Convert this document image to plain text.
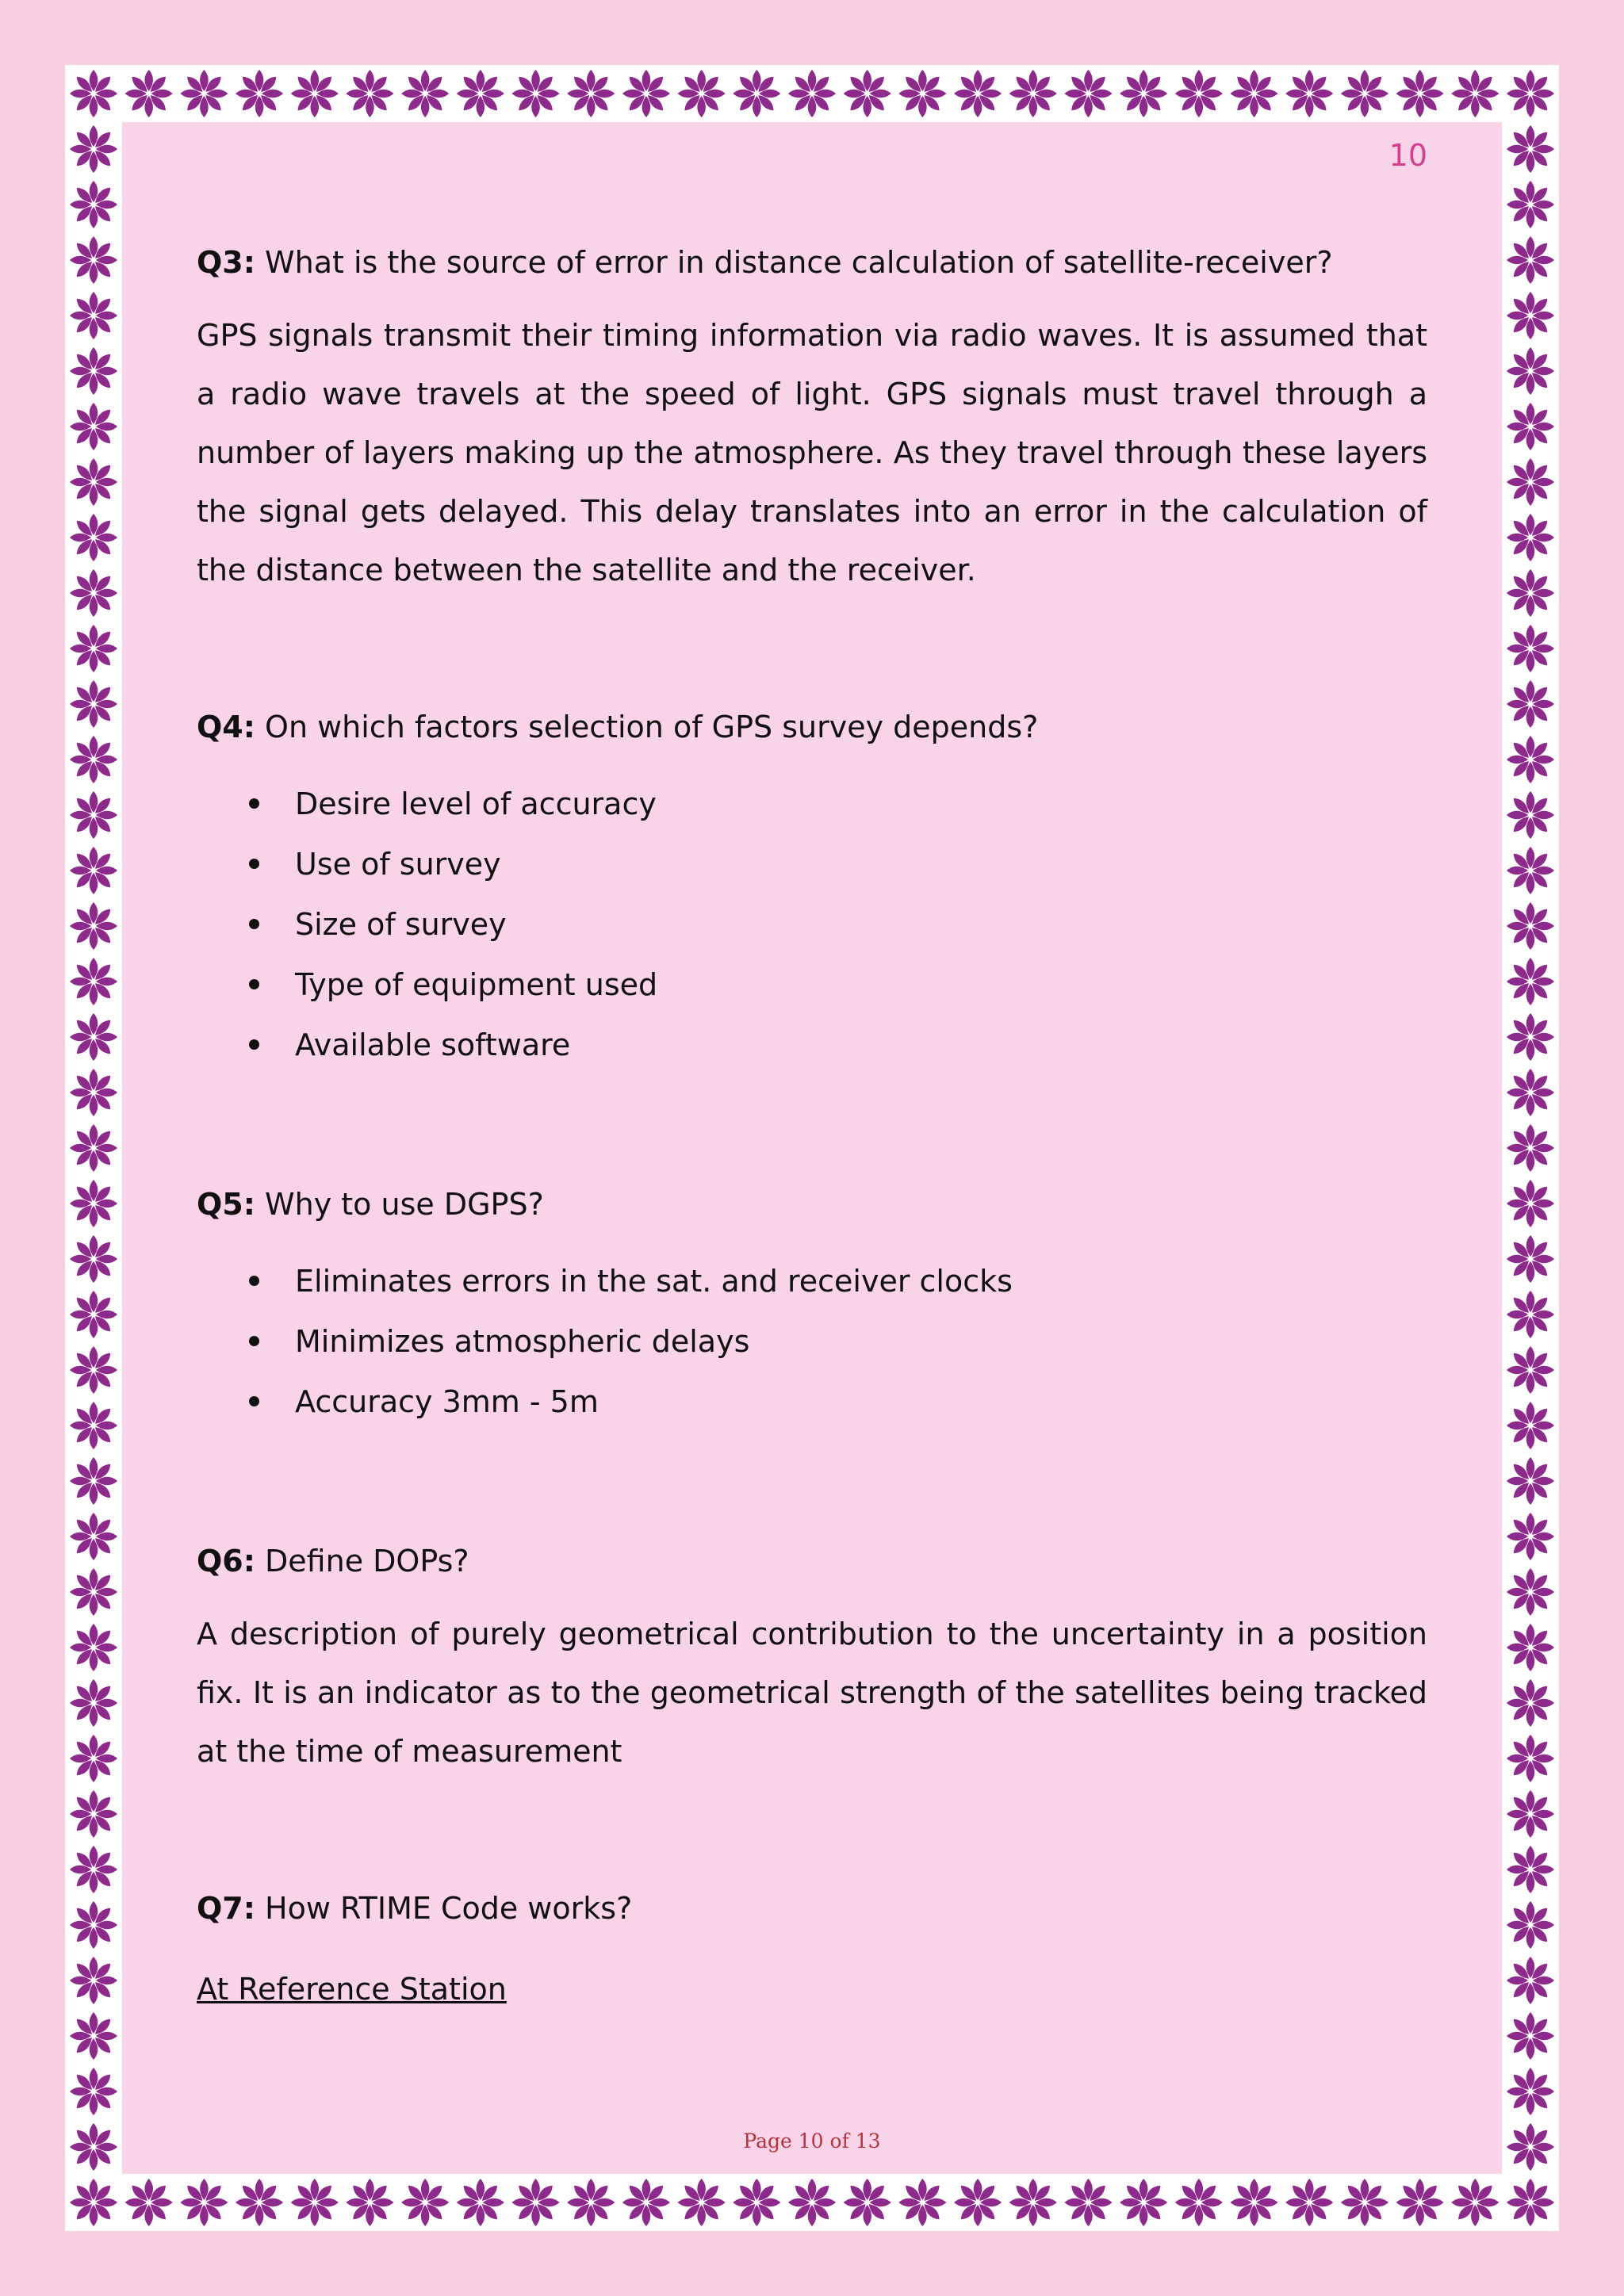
10

Q3: What is the source of error in distance calculation of satellite-receiver?

GPS signals transmit their timing information via radio waves. It is assumed that a radio wave travels at the speed of light. GPS signals must travel through a number of layers making up the atmosphere. As they travel through these layers the signal gets delayed. This delay translates into an error in the calculation of the distance between the satellite and the receiver.

Q4: On which factors selection of GPS survey depends?

Desire level of accuracy
Use of survey
Size of survey
Type of equipment used
Available software

Q5: Why to use DGPS?

Eliminates errors in the sat. and receiver clocks
Minimizes atmospheric delays
Accuracy 3mm - 5m

Q6: Define DOPs?

A description of purely geometrical contribution to the uncertainty in a position fix. It is an indicator as to the geometrical strength of the satellites being tracked at the time of measurement

Q7: How RTIME Code works?

At Reference Station

Page 10 of 13
